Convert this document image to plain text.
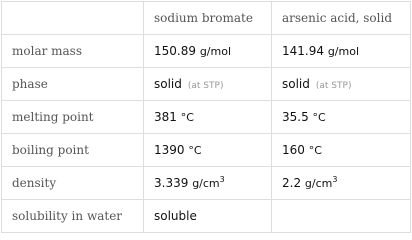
	sodium bromate	arsenic acid, solid
molar mass	150.89 g/mol	141.94 g/mol
phase	solid (at STP)	solid (at STP)
melting point	381 °C	35.5 °C
boiling point	1390 °C	160 °C
density	3.339 $g/cm^3$	2.2 $g/cm^3$
solubility in water	soluble	
